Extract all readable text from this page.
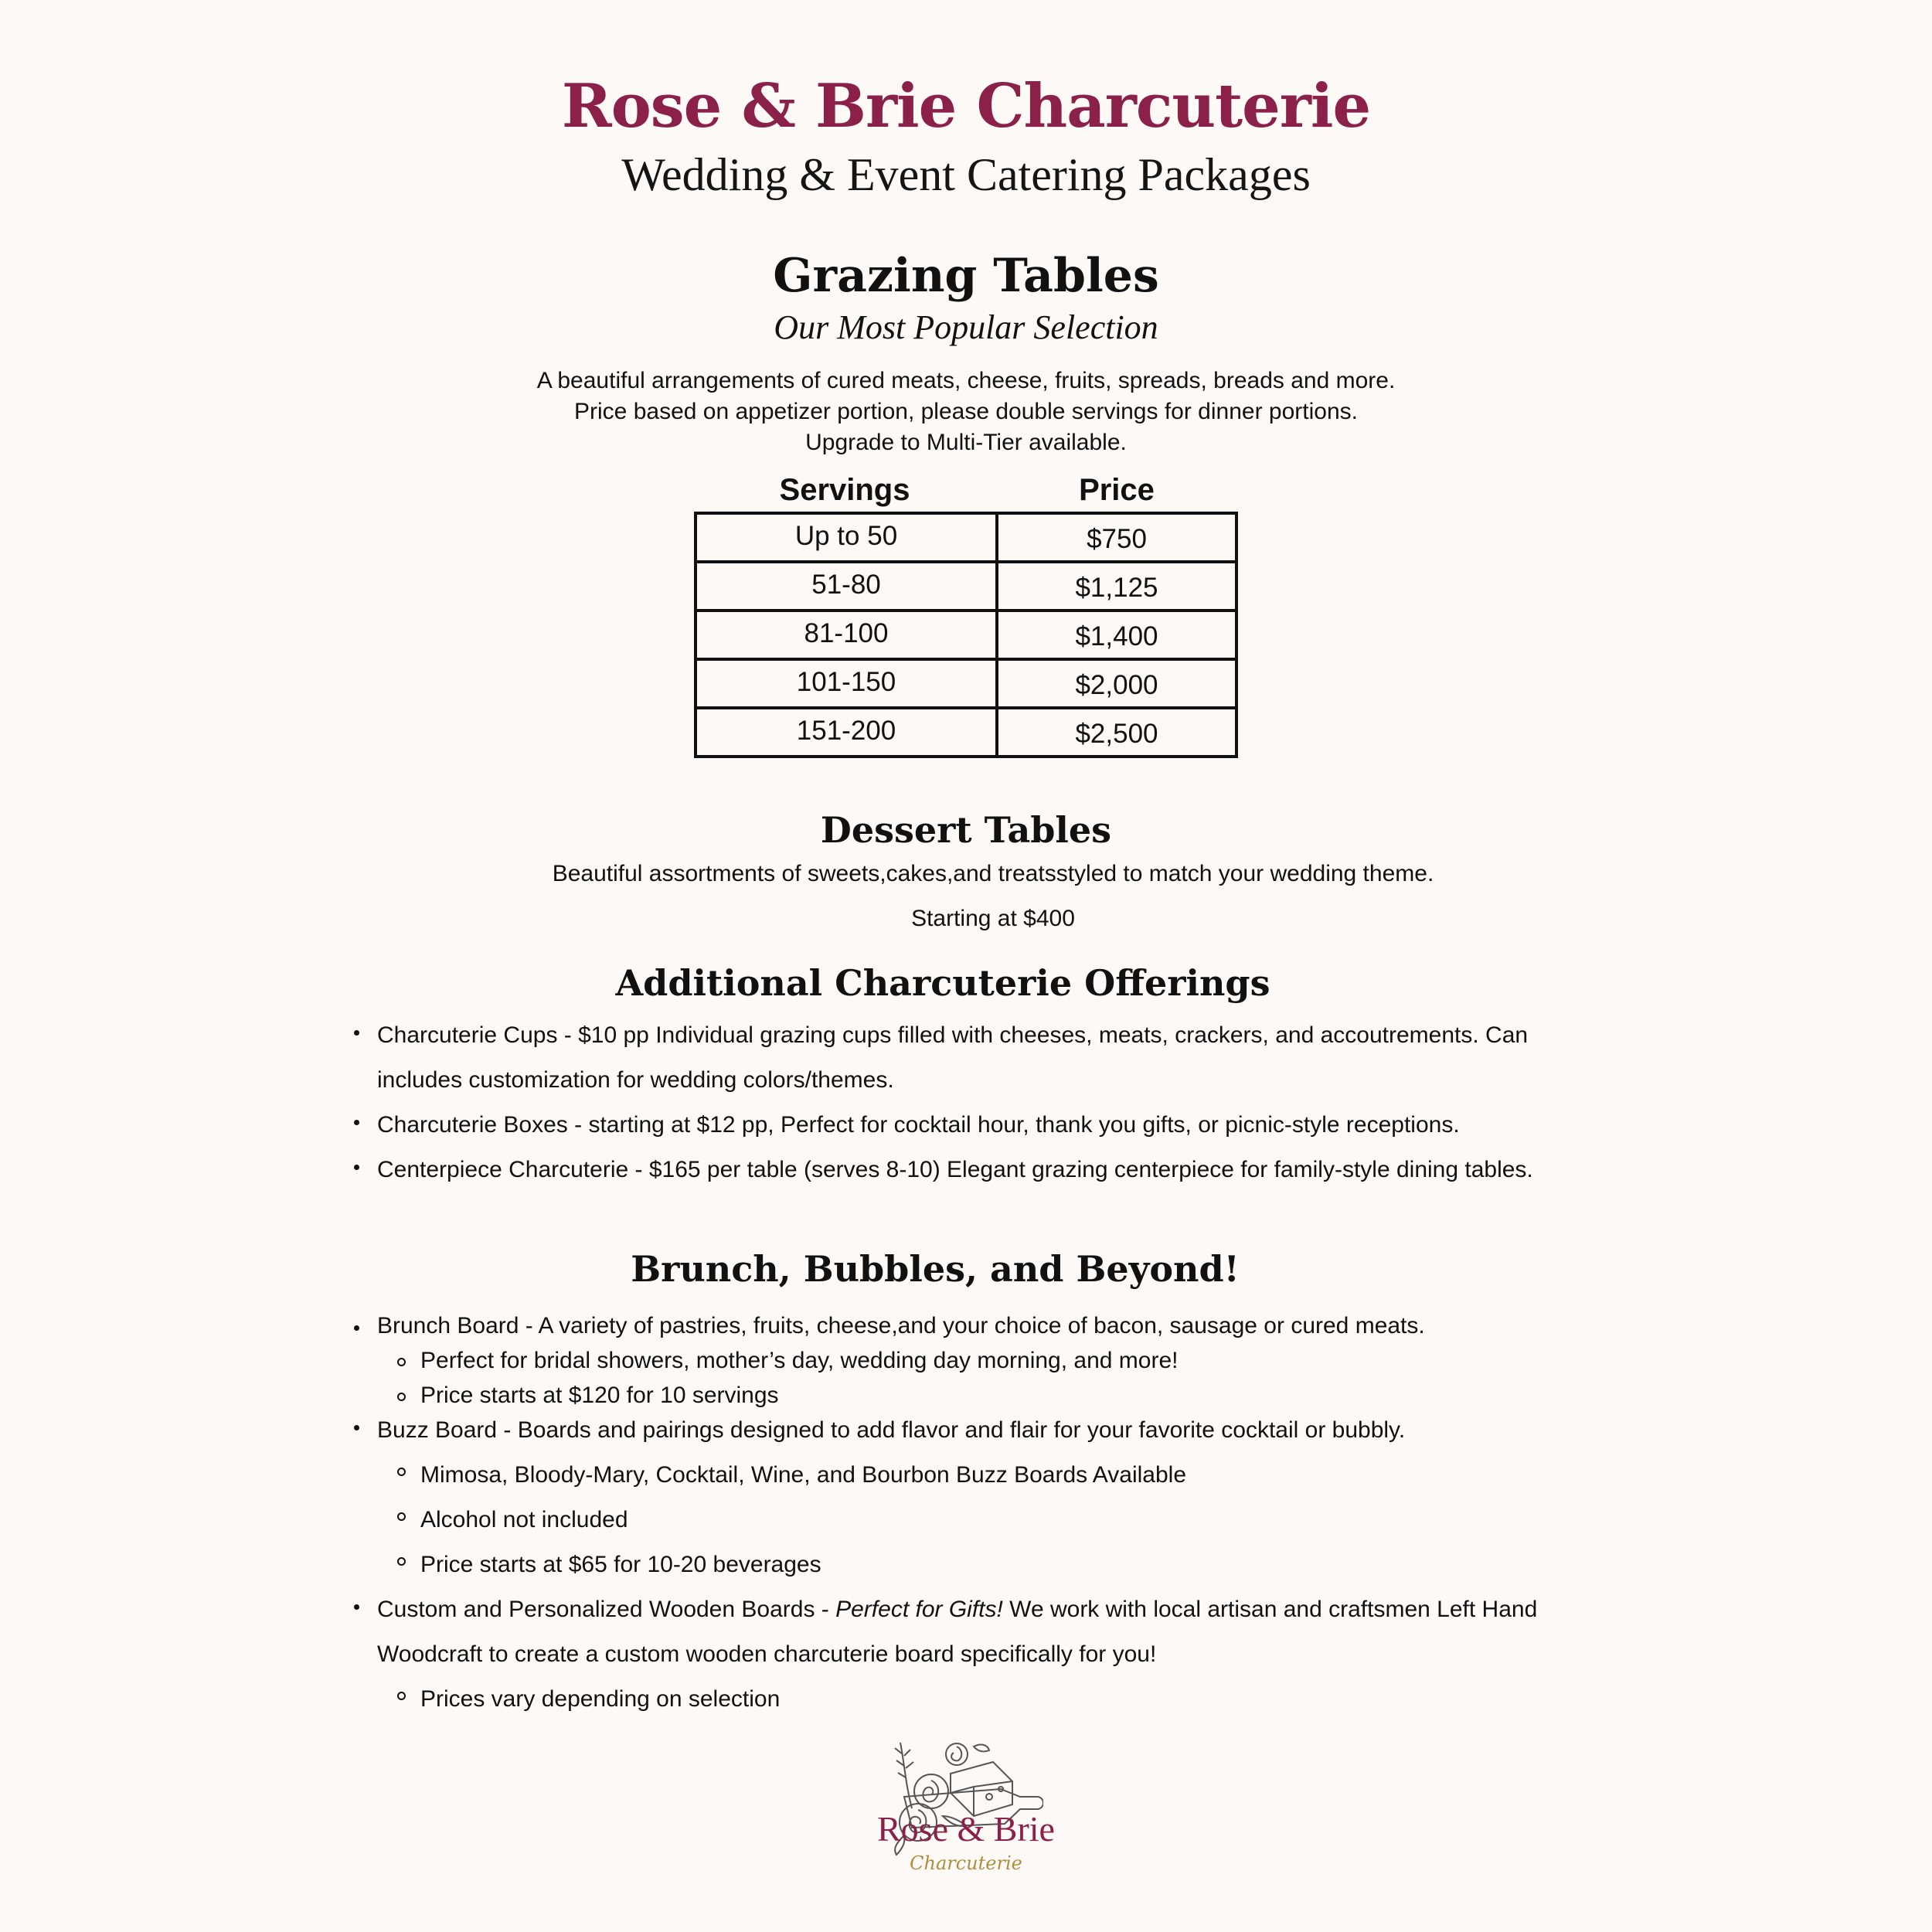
Rose & Brie Charcuterie
Wedding & Event Catering Packages
Grazing Tables
Our Most Popular Selection
A beautiful arrangements of cured meats, cheese, fruits, spreads, breads and more.
Price based on appetizer portion, please double servings for dinner portions.
Upgrade to Multi-Tier available.
Servings	Price
Up to 50	$750
51-80	$1,125
81-100	$1,400
101-150	$2,000
151-200	$2,500
Dessert Tables
Beautiful assortments of sweets,cakes,and treatsstyled to match your wedding theme.
Starting at $400
Additional Charcuterie Offerings
Charcuterie Cups - $10 pp Individual grazing cups filled with cheeses, meats, crackers, and accoutrements. Can includes customization for wedding colors/themes.
Charcuterie Boxes - starting at $12 pp, Perfect for cocktail hour, thank you gifts, or picnic-style receptions.
Centerpiece Charcuterie - $165 per table (serves 8-10) Elegant grazing centerpiece for family-style dining tables.
Brunch, Bubbles, and Beyond!
Brunch Board - A variety of pastries, fruits, cheese,and your choice of bacon, sausage or cured meats.
Perfect for bridal showers, mother’s day, wedding day morning, and more!
Price starts at $120 for 10 servings
Buzz Board - Boards and pairings designed to add flavor and flair for your favorite cocktail or bubbly.
Mimosa, Bloody-Mary, Cocktail, Wine, and Bourbon Buzz Boards Available
Alcohol not included
Price starts at $65 for 10-20 beverages
Custom and Personalized Wooden Boards - Perfect for Gifts! We work with local artisan and craftsmen Left Hand Woodcraft to create a custom wooden charcuterie board specifically for you!
Prices vary depending on selection
Rose & Brie
Charcuterie
